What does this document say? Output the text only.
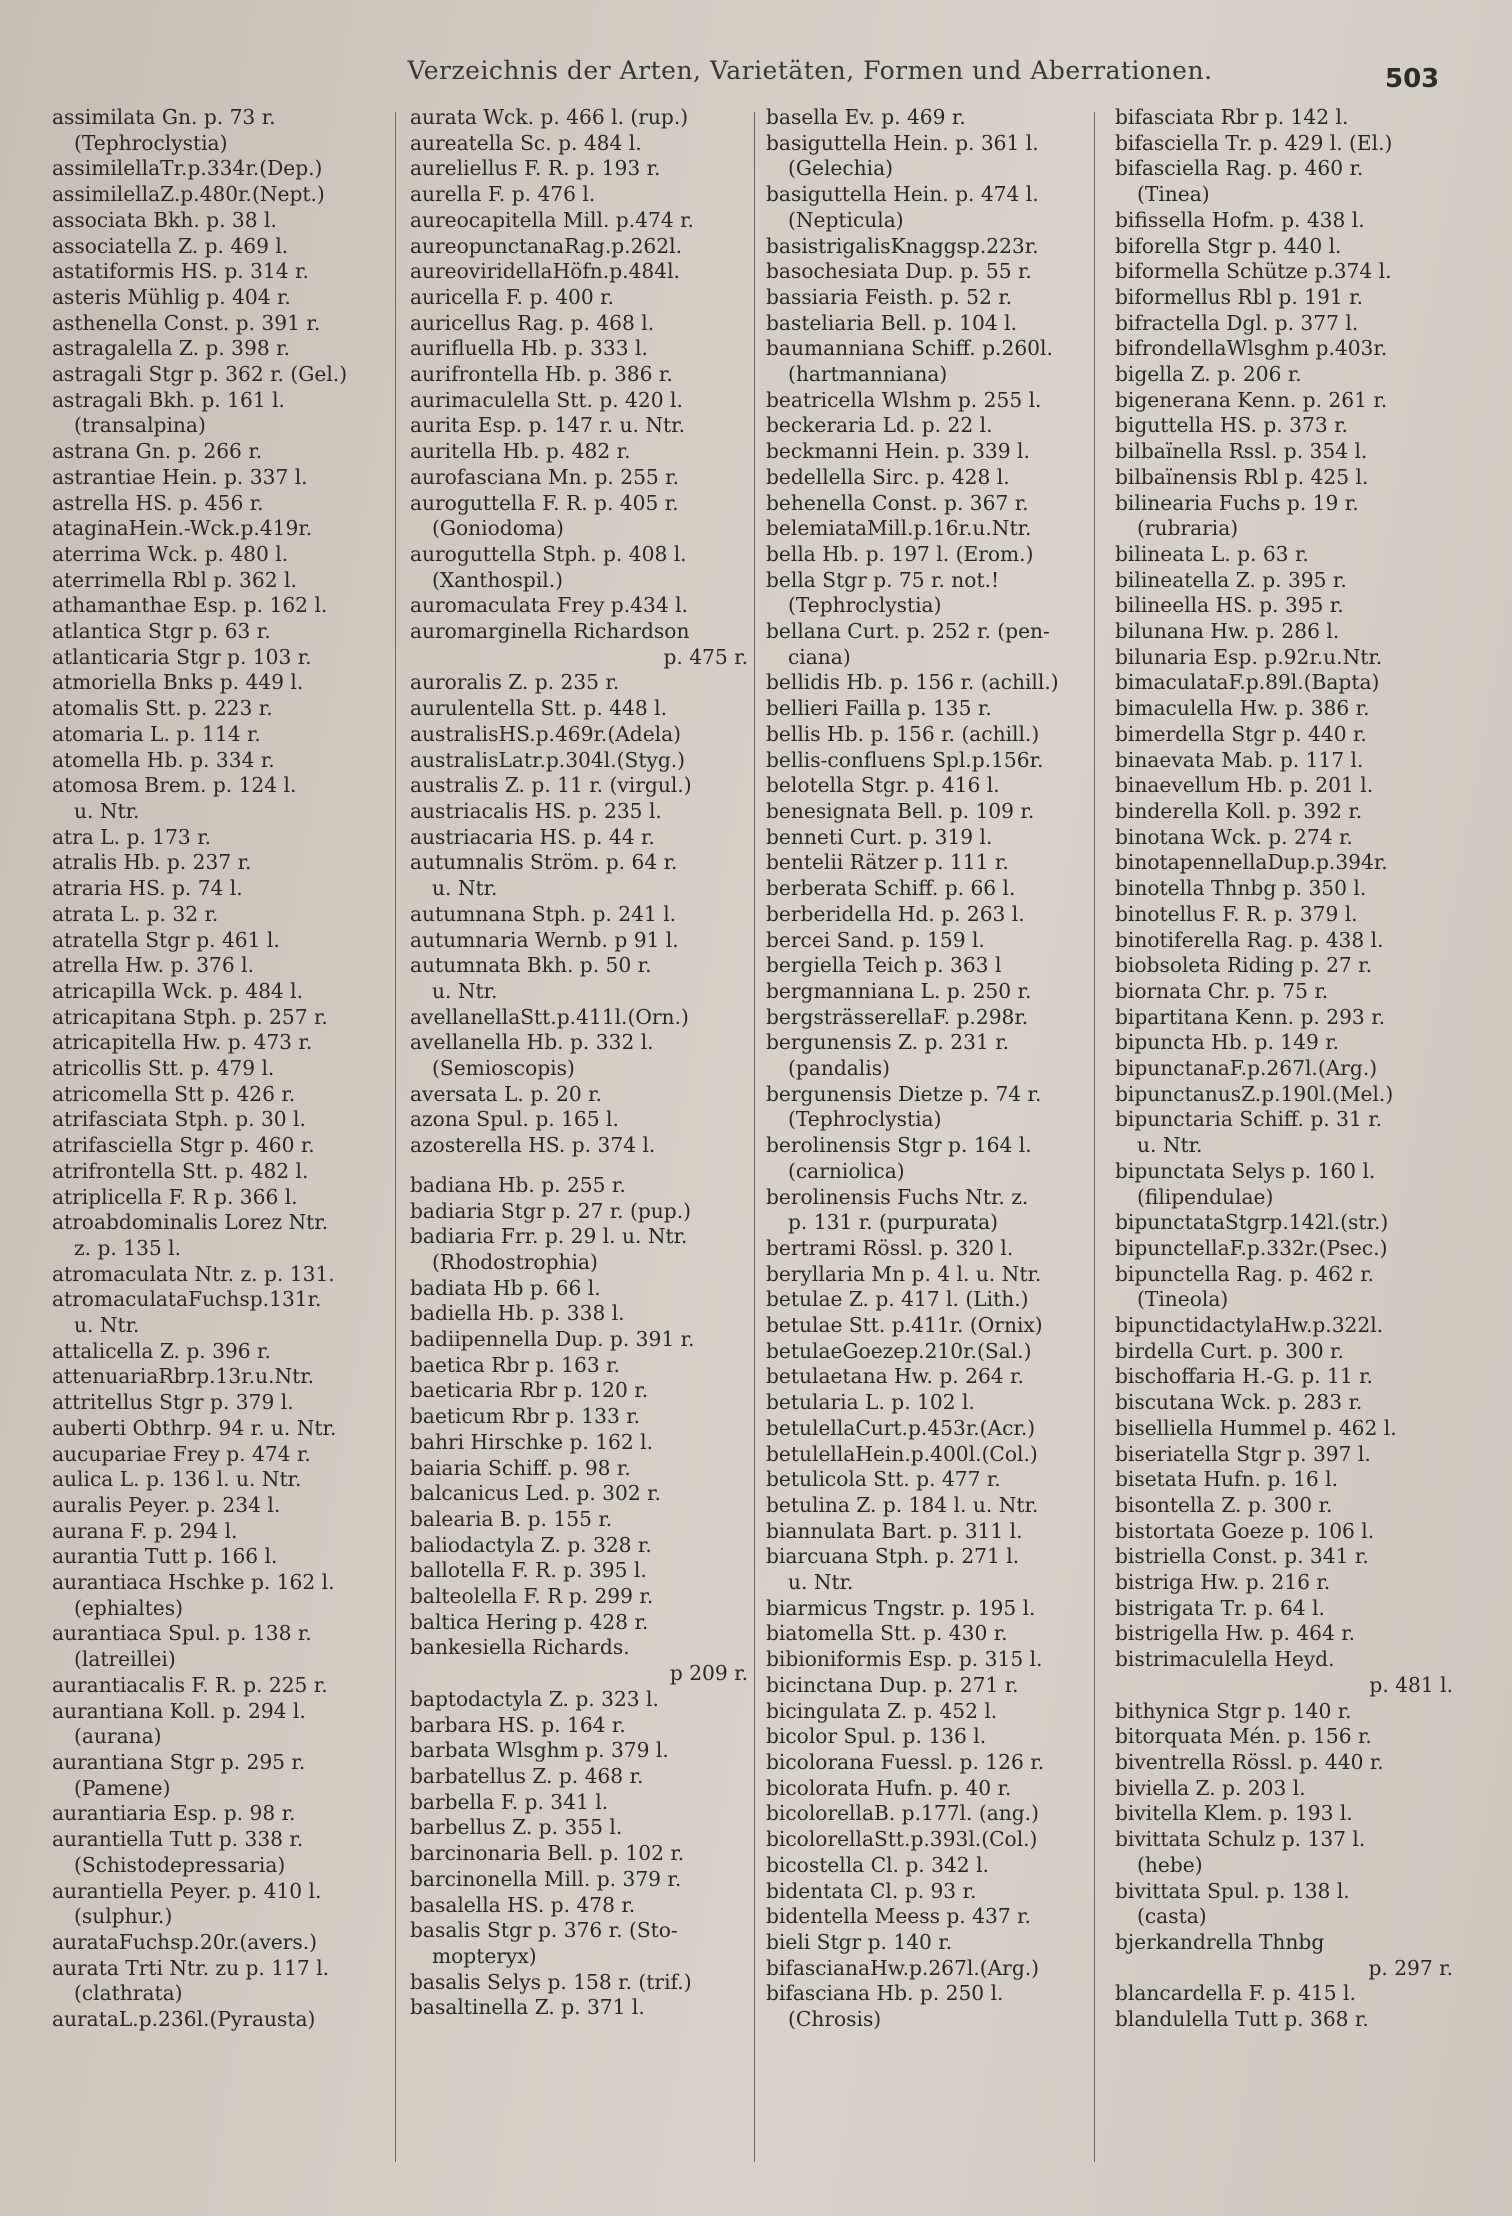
Verzeichnis der Arten, Varietäten, Formen und Aberrationen.	503
assimilata Gn. p. 73 r.
(Tephroclystia)
assimilellaTr.p.334r.(Dep.)
assimilellaZ.p.480r.(Nept.)
associata Bkh. p. 38 l.
associatella Z. p. 469 l.
astatiformis HS. p. 314 r.
asteris Mühlig p. 404 r.
asthenella Const. p. 391 r.
astragalella Z. p. 398 r.
astragali Stgr p. 362 r. (Gel.)
astragali Bkh. p. 161 l.
(transalpina)
astrana Gn. p. 266 r.
astrantiae Hein. p. 337 l.
astrella HS. p. 456 r.
ataginaHein.-Wck.p.419r.
aterrima Wck. p. 480 l.
aterrimella Rbl p. 362 l.
athamanthae Esp. p. 162 l.
atlantica Stgr p. 63 r.
atlanticaria Stgr p. 103 r.
atmoriella Bnks p. 449 l.
atomalis Stt. p. 223 r.
atomaria L. p. 114 r.
atomella Hb. p. 334 r.
atomosa Brem. p. 124 l.
u. Ntr.
atra L. p. 173 r.
atralis Hb. p. 237 r.
atraria HS. p. 74 l.
atrata L. p. 32 r.
atratella Stgr p. 461 l.
atrella Hw. p. 376 l.
atricapilla Wck. p. 484 l.
atricapitana Stph. p. 257 r.
atricapitella Hw. p. 473 r.
atricollis Stt. p. 479 l.
atricomella Stt p. 426 r.
atrifasciata Stph. p. 30 l.
atrifasciella Stgr p. 460 r.
atrifrontella Stt. p. 482 l.
atriplicella F. R p. 366 l.
atroabdominalis Lorez Ntr.
z. p. 135 l.
atromaculata Ntr. z. p. 131.
atromaculataFuchsp.131r.
u. Ntr.
attalicella Z. p. 396 r.
attenuariaRbrp.13r.u.Ntr.
attritellus Stgr p. 379 l.
auberti Obthrp. 94 r. u. Ntr.
aucupariae Frey p. 474 r.
aulica L. p. 136 l. u. Ntr.
auralis Peyer. p. 234 l.
aurana F. p. 294 l.
aurantia Tutt p. 166 l.
aurantiaca Hschke p. 162 l.
(ephialtes)
aurantiaca Spul. p. 138 r.
(latreillei)
aurantiacalis F. R. p. 225 r.
aurantiana Koll. p. 294 l.
(aurana)
aurantiana Stgr p. 295 r.
(Pamene)
aurantiaria Esp. p. 98 r.
aurantiella Tutt p. 338 r.
(Schistodepressaria)
aurantiella Peyer. p. 410 l.
(sulphur.)
aurataFuchsp.20r.(avers.)
aurata Trti Ntr. zu p. 117 l.
(clathrata)
aurataL.p.236l.(Pyrausta)
aurata Wck. p. 466 l. (rup.)
aureatella Sc. p. 484 l.
aureliellus F. R. p. 193 r.
aurella F. p. 476 l.
aureocapitella Mill. p.474 r.
aureopunctanaRag.p.262l.
aureoviridellaHöfn.p.484l.
auricella F. p. 400 r.
auricellus Rag. p. 468 l.
aurifluella Hb. p. 333 l.
aurifrontella Hb. p. 386 r.
aurimaculella Stt. p. 420 l.
aurita Esp. p. 147 r. u. Ntr.
auritella Hb. p. 482 r.
aurofasciana Mn. p. 255 r.
auroguttella F. R. p. 405 r.
(Goniodoma)
auroguttella Stph. p. 408 l.
(Xanthospil.)
auromaculata Frey p.434 l.
auromarginella Richardson
p. 475 r.
auroralis Z. p. 235 r.
aurulentella Stt. p. 448 l.
australisHS.p.469r.(Adela)
australisLatr.p.304l.(Styg.)
australis Z. p. 11 r. (virgul.)
austriacalis HS. p. 235 l.
austriacaria HS. p. 44 r.
autumnalis Ström. p. 64 r.
u. Ntr.
autumnana Stph. p. 241 l.
autumnaria Wernb. p 91 l.
autumnata Bkh. p. 50 r.
u. Ntr.
avellanellaStt.p.411l.(Orn.)
avellanella Hb. p. 332 l.
(Semioscopis)
aversata L. p. 20 r.
azona Spul. p. 165 l.
azosterella HS. p. 374 l.
badiana Hb. p. 255 r.
badiaria Stgr p. 27 r. (pup.)
badiaria Frr. p. 29 l. u. Ntr.
(Rhodostrophia)
badiata Hb p. 66 l.
badiella Hb. p. 338 l.
badiipennella Dup. p. 391 r.
baetica Rbr p. 163 r.
baeticaria Rbr p. 120 r.
baeticum Rbr p. 133 r.
bahri Hirschke p. 162 l.
baiaria Schiff. p. 98 r.
balcanicus Led. p. 302 r.
balearia B. p. 155 r.
baliodactyla Z. p. 328 r.
ballotella F. R. p. 395 l.
balteolella F. R p. 299 r.
baltica Hering p. 428 r.
bankesiella Richards.
p 209 r.
baptodactyla Z. p. 323 l.
barbara HS. p. 164 r.
barbata Wlsghm p. 379 l.
barbatellus Z. p. 468 r.
barbella F. p. 341 l.
barbellus Z. p. 355 l.
barcinonaria Bell. p. 102 r.
barcinonella Mill. p. 379 r.
basalella HS. p. 478 r.
basalis Stgr p. 376 r. (Sto-
mopteryx)
basalis Selys p. 158 r. (trif.)
basaltinella Z. p. 371 l.
basella Ev. p. 469 r.
basiguttella Hein. p. 361 l.
(Gelechia)
basiguttella Hein. p. 474 l.
(Nepticula)
basistrigalisKnaggsp.223r.
basochesiata Dup. p. 55 r.
bassiaria Feisth. p. 52 r.
basteliaria Bell. p. 104 l.
baumanniana Schiff. p.260l.
(hartmanniana)
beatricella Wlshm p. 255 l.
beckeraria Ld. p. 22 l.
beckmanni Hein. p. 339 l.
bedellella Sirc. p. 428 l.
behenella Const. p. 367 r.
belemiataMill.p.16r.u.Ntr.
bella Hb. p. 197 l. (Erom.)
bella Stgr p. 75 r. not.!
(Tephroclystia)
bellana Curt. p. 252 r. (pen-
ciana)
bellidis Hb. p. 156 r. (achill.)
bellieri Failla p. 135 r.
bellis Hb. p. 156 r. (achill.)
bellis-confluens Spl.p.156r.
belotella Stgr. p. 416 l.
benesignata Bell. p. 109 r.
benneti Curt. p. 319 l.
bentelii Rätzer p. 111 r.
berberata Schiff. p. 66 l.
berberidella Hd. p. 263 l.
bercei Sand. p. 159 l.
bergiella Teich p. 363 l
bergmanniana L. p. 250 r.
bergsträsserellaF. p.298r.
bergunensis Z. p. 231 r.
(pandalis)
bergunensis Dietze p. 74 r.
(Tephroclystia)
berolinensis Stgr p. 164 l.
(carniolica)
berolinensis Fuchs Ntr. z.
p. 131 r. (purpurata)
bertrami Rössl. p. 320 l.
beryllaria Mn p. 4 l. u. Ntr.
betulae Z. p. 417 l. (Lith.)
betulae Stt. p.411r. (Ornix)
betulaeGoezep.210r.(Sal.)
betulaetana Hw. p. 264 r.
betularia L. p. 102 l.
betulellaCurt.p.453r.(Acr.)
betulellaHein.p.400l.(Col.)
betulicola Stt. p. 477 r.
betulina Z. p. 184 l. u. Ntr.
biannulata Bart. p. 311 l.
biarcuana Stph. p. 271 l.
u. Ntr.
biarmicus Tngstr. p. 195 l.
biatomella Stt. p. 430 r.
bibioniformis Esp. p. 315 l.
bicinctana Dup. p. 271 r.
bicingulata Z. p. 452 l.
bicolor Spul. p. 136 l.
bicolorana Fuessl. p. 126 r.
bicolorata Hufn. p. 40 r.
bicolorellaB. p.177l. (ang.)
bicolorellaStt.p.393l.(Col.)
bicostella Cl. p. 342 l.
bidentata Cl. p. 93 r.
bidentella Meess p. 437 r.
bieli Stgr p. 140 r.
bifascianaHw.p.267l.(Arg.)
bifasciana Hb. p. 250 l.
(Chrosis)
bifasciata Rbr p. 142 l.
bifasciella Tr. p. 429 l. (El.)
bifasciella Rag. p. 460 r.
(Tinea)
bifissella Hofm. p. 438 l.
biforella Stgr p. 440 l.
biformella Schütze p.374 l.
biformellus Rbl p. 191 r.
bifractella Dgl. p. 377 l.
bifrondellaWlsghm p.403r.
bigella Z. p. 206 r.
bigenerana Kenn. p. 261 r.
biguttella HS. p. 373 r.
bilbaïnella Rssl. p. 354 l.
bilbaïnensis Rbl p. 425 l.
bilinearia Fuchs p. 19 r.
(rubraria)
bilineata L. p. 63 r.
bilineatella Z. p. 395 r.
bilineella HS. p. 395 r.
bilunana Hw. p. 286 l.
bilunaria Esp. p.92r.u.Ntr.
bimaculataF.p.89l.(Bapta)
bimaculella Hw. p. 386 r.
bimerdella Stgr p. 440 r.
binaevata Mab. p. 117 l.
binaevellum Hb. p. 201 l.
binderella Koll. p. 392 r.
binotana Wck. p. 274 r.
binotapennellaDup.p.394r.
binotella Thnbg p. 350 l.
binotellus F. R. p. 379 l.
binotiferella Rag. p. 438 l.
biobsoleta Riding p. 27 r.
biornata Chr. p. 75 r.
bipartitana Kenn. p. 293 r.
bipuncta Hb. p. 149 r.
bipunctanaF.p.267l.(Arg.)
bipunctanusZ.p.190l.(Mel.)
bipunctaria Schiff. p. 31 r.
u. Ntr.
bipunctata Selys p. 160 l.
(filipendulae)
bipunctataStgrp.142l.(str.)
bipunctellaF.p.332r.(Psec.)
bipunctella Rag. p. 462 r.
(Tineola)
bipunctidactylaHw.p.322l.
birdella Curt. p. 300 r.
bischoffaria H.-G. p. 11 r.
biscutana Wck. p. 283 r.
biselliella Hummel p. 462 l.
biseriatella Stgr p. 397 l.
bisetata Hufn. p. 16 l.
bisontella Z. p. 300 r.
bistortata Goeze p. 106 l.
bistriella Const. p. 341 r.
bistriga Hw. p. 216 r.
bistrigata Tr. p. 64 l.
bistrigella Hw. p. 464 r.
bistrimaculella Heyd.
p. 481 l.
bithynica Stgr p. 140 r.
bitorquata Mén. p. 156 r.
biventrella Rössl. p. 440 r.
biviella Z. p. 203 l.
bivitella Klem. p. 193 l.
bivittata Schulz p. 137 l.
(hebe)
bivittata Spul. p. 138 l.
(casta)
bjerkandrella Thnbg
p. 297 r.
blancardella F. p. 415 l.
blandulella Tutt p. 368 r.
